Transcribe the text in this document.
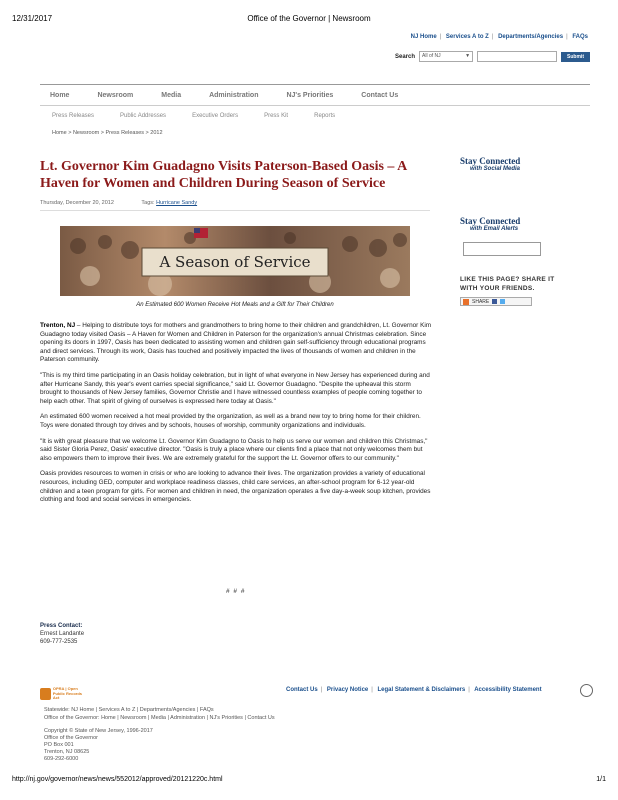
12/31/2017	Office of the Governor | Newsroom
NJ Home | Services A to Z | Departments/Agencies | FAQs
Search	All of NJ	▼	Submit
Home	Newsroom	Media	Administration	NJ's Priorities	Contact Us
Press Releases	Public Addresses	Executive Orders	Press Kit	Reports
Home > Newsroom > Press Releases > 2012
Lt. Governor Kim Guadagno Visits Paterson-Based Oasis – A Haven for Women and Children During Season of Service
Thursday, December 20, 2012	Tags: Hurricane Sandy
A Season of Service
An Estimated 600 Women Receive Hot Meals and a Gift for Their Children

Trenton, NJ – Helping to distribute toys for mothers and grandmothers to bring home to their children and grandchildren, Lt. Governor Kim Guadagno today visited Oasis – A Haven for Women and Children in Paterson for the organization's annual Christmas celebration. Since opening its doors in 1997, Oasis has been dedicated to assisting women and children gain self-sufficiency through educational programs and direct services. Through its work, Oasis has touched and positively impacted the lives of thousands of women and children in the Paterson community.

"This is my third time participating in an Oasis holiday celebration, but in light of what everyone in New Jersey has experienced during and after Hurricane Sandy, this year's event carries special significance," said Lt. Governor Guadagno. "Despite the upheaval this storm brought to thousands of New Jersey families, Governor Christie and I have witnessed countless examples of people coming together to help each other. That spirit of giving of ourselves is expressed here today at Oasis."

An estimated 600 women received a hot meal provided by the organization, as well as a brand new toy to bring home for their children. Toys were donated through toy drives and by schools, houses of worship, community organizations and individuals.

"It is with great pleasure that we welcome Lt. Governor Kim Guadagno to Oasis to help us serve our women and children this Christmas," said Sister Gloria Perez, Oasis' executive director. "Oasis is truly a place where our clients find a place that not only welcomes them but also empowers them to improve their lives. We are extremely grateful for the support the Lt. Governor offers to our community."

Oasis provides resources to women in crisis or who are looking to advance their lives. The organization provides a variety of educational resources, including GED, computer and workplace readiness classes, child care services, an after-school program for 6-12 year-old children and a teen program for girls. For women and children in need, the organization operates a five day-a-week soup kitchen, provides clothing and food and social services in emergencies.

# # #
Press Contact:
Ernest Landante
609-777-2535
Stay Connected
with Social Media
Stay Connected
with Email Alerts
LIKE THIS PAGE? SHARE IT
WITH YOUR FRIENDS.
SHARE
OPRA | Open
Public Records Act
Contact Us | Privacy Notice | Legal Statement & Disclaimers | Accessibility Statement
Statewide: NJ Home | Services A to Z | Departments/Agencies | FAQs
Office of the Governor: Home | Newsroom | Media | Administration | NJ's Priorities | Contact Us
Copyright © State of New Jersey, 1996-2017
Office of the Governor
PO Box 001
Trenton, NJ 08625
609-292-6000
http://nj.gov/governor/news/news/552012/approved/20121220c.html	1/1
